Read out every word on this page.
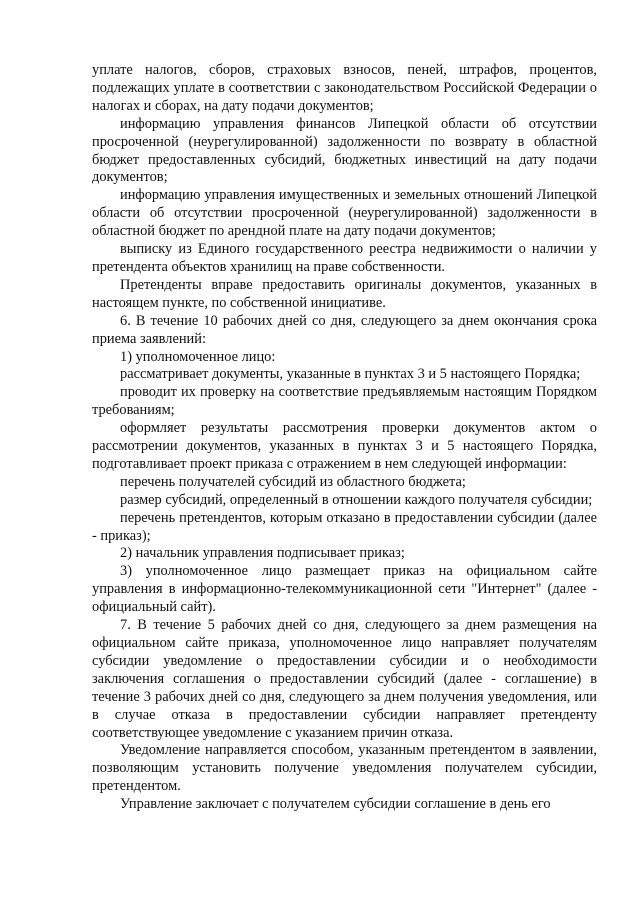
уплате налогов, сборов, страховых взносов, пеней, штрафов, процентов, подлежащих уплате в соответствии с законодательством Российской Федерации о налогах и сборах, на дату подачи документов;

информацию управления финансов Липецкой области об отсутствии просроченной (неурегулированной) задолженности по возврату в областной бюджет предоставленных субсидий, бюджетных инвестиций на дату подачи документов;

информацию управления имущественных и земельных отношений Липецкой области об отсутствии просроченной (неурегулированной) задолженности в областной бюджет по арендной плате на дату подачи документов;

выписку из Единого государственного реестра недвижимости о наличии у претендента объектов хранилищ на праве собственности.

Претенденты вправе предоставить оригиналы документов, указанных в настоящем пункте, по собственной инициативе.

6. В течение 10 рабочих дней со дня, следующего за днем окончания срока приема заявлений:

1) уполномоченное лицо:

рассматривает документы, указанные в пунктах 3 и 5 настоящего Порядка;

проводит их проверку на соответствие предъявляемым настоящим Порядком требованиям;

оформляет результаты рассмотрения проверки документов актом о рассмотрении документов, указанных в пунктах 3 и 5 настоящего Порядка, подготавливает проект приказа с отражением в нем следующей информации:

перечень получателей субсидий из областного бюджета;

размер субсидий, определенный в отношении каждого получателя субсидии;

перечень претендентов, которым отказано в предоставлении субсидии (далее - приказ);

2) начальник управления подписывает приказ;

3) уполномоченное лицо размещает приказ на официальном сайте управления в информационно-телекоммуникационной сети "Интернет" (далее - официальный сайт).

7. В течение 5 рабочих дней со дня, следующего за днем размещения на официальном сайте приказа, уполномоченное лицо направляет получателям субсидии уведомление о предоставлении субсидии и о необходимости заключения соглашения о предоставлении субсидий (далее - соглашение) в течение 3 рабочих дней со дня, следующего за днем получения уведомления, или в случае отказа в предоставлении субсидии направляет претенденту соответствующее уведомление с указанием причин отказа.

Уведомление направляется способом, указанным претендентом в заявлении, позволяющим установить получение уведомления получателем субсидии, претендентом.

Управление заключает с получателем субсидии соглашение в день его
